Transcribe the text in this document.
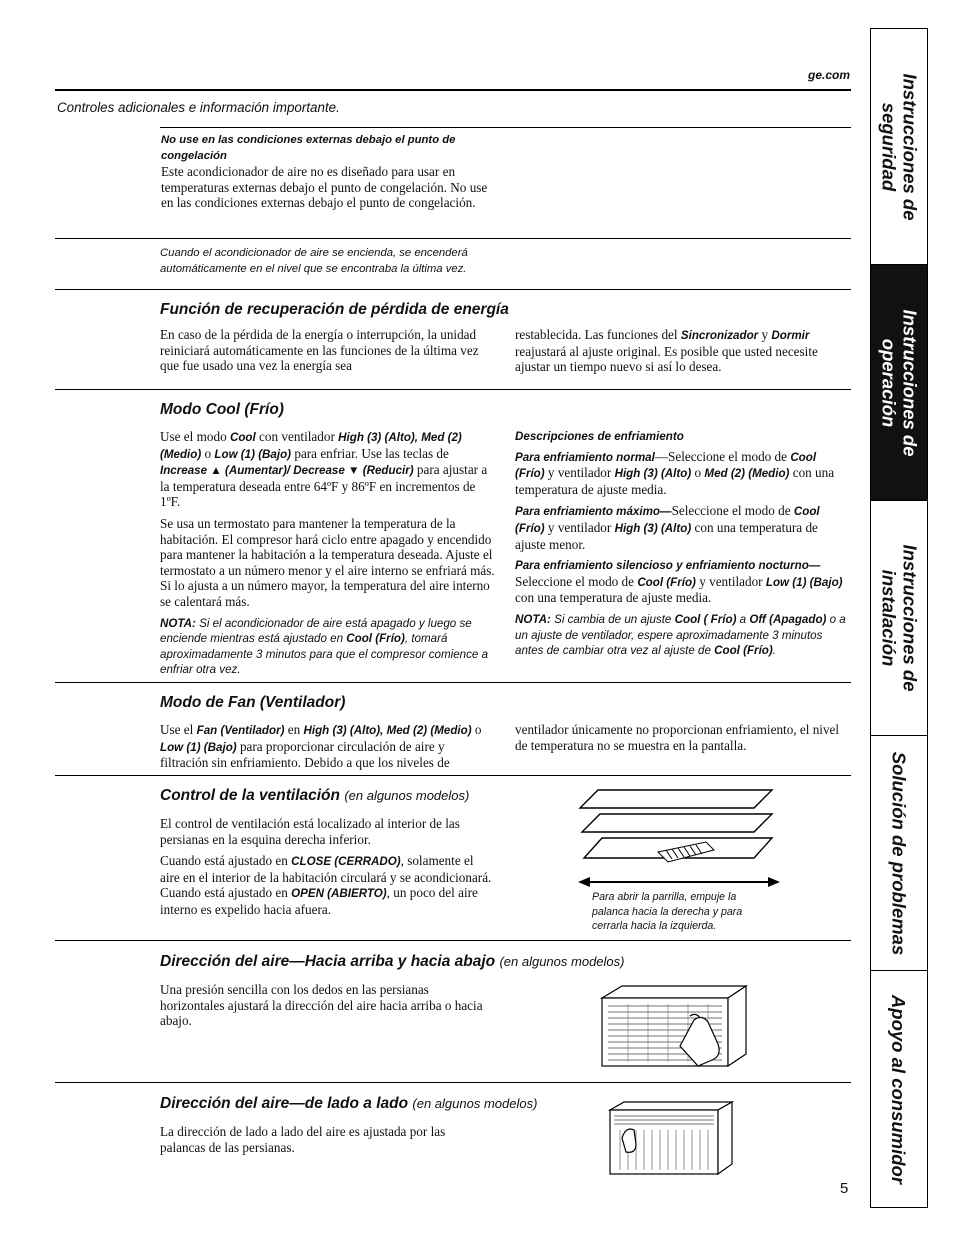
ge.com
Controles adicionales e información importante.
No use en las condiciones externas debajo el punto de congelación
Este acondicionador de aire no es diseñado para usar en temperaturas externas debajo el punto de congelación. No use en las condiciones externas debajo el punto de congelación.
Cuando el acondicionador de aire se encienda, se encenderá automáticamente en el nivel que se encontraba la última vez.
Función de recuperación de pérdida de energía
En caso de la pérdida de la energía o interrupción, la unidad reiniciará automáticamente en las funciones de la última vez que fue usado una vez la energía sea
restablecida. Las funciones del Sincronizador y Dormir reajustará al ajuste original. Es posible que usted necesite ajustar un tiempo nuevo si así lo desea.
Modo Cool (Frío)

Use el modo Cool con ventilador High (3) (Alto), Med (2) (Medio) o Low (1) (Bajo) para enfriar. Use las teclas de Increase ▲ (Aumentar)/ Decrease ▼ (Reducir) para ajustar a la temperatura deseada entre 64ºF y 86ºF en incrementos de 1ºF.

Se usa un termostato para mantener la temperatura de la habitación. El compresor hará ciclo entre apagado y encendido para mantener la habitación a la temperatura deseada. Ajuste el termostato a un número menor y el aire interno se enfriará más. Si lo ajusta a un número mayor, la temperatura del aire interno se calentará más.

NOTA: Si el acondicionador de aire está apagado y luego se enciende mientras está ajustado en Cool (Frío), tomará aproximadamente 3 minutos para que el compresor comience a enfriar otra vez.

Descripciones de enfriamiento

Para enfriamiento normal—Seleccione el modo de Cool (Frío) y ventilador High (3) (Alto) o Med (2) (Medio) con una temperatura de ajuste media.

Para enfriamiento máximo—Seleccione el modo de Cool (Frío) y ventilador High (3) (Alto) con una temperatura de ajuste menor.

Para enfriamiento silencioso y enfriamiento nocturno—

Seleccione el modo de Cool (Frío) y ventilador Low (1) (Bajo) con una temperatura de ajuste media.

NOTA: Si cambia de un ajuste Cool ( Frío) a Off (Apagado) o a un ajuste de ventilador, espere aproximadamente 3 minutos antes de cambiar otra vez al ajuste de Cool (Frío).

Modo de Fan (Ventilador)
Use el Fan (Ventilador) en High (3) (Alto), Med (2) (Medio) o Low (1) (Bajo) para proporcionar circulación de aire y filtración sin enfriamiento. Debido a que los niveles de
ventilador únicamente no proporcionan enfriamiento, el nivel de temperatura no se muestra en la pantalla.
Control de la ventilación (en algunos modelos)

El control de ventilación está localizado al interior de las persianas en la esquina derecha inferior.

Cuando está ajustado en CLOSE (CERRADO), solamente el aire en el interior de la habitación circulará y se acondicionará. Cuando está ajustado en OPEN (ABIERTO), un poco del aire interno es expelido hacia afuera.

Para abrir la parrilla, empuje la palanca hacia la derecha y para cerrarla hacia la izquierda.
Dirección del aire—Hacia arriba y hacia abajo (en algunos modelos)
Una presión sencilla con los dedos en las persianas horizontales ajustará la dirección del aire hacia arriba o hacia abajo.
Dirección del aire—de lado a lado (en algunos modelos)
La dirección de lado a lado del aire es ajustada por las palancas de las persianas.
5
Instrucciones de
seguridad
Instrucciones de
operación
Instrucciones de
instalación
Solución de problemas
Apoyo al consumidor
